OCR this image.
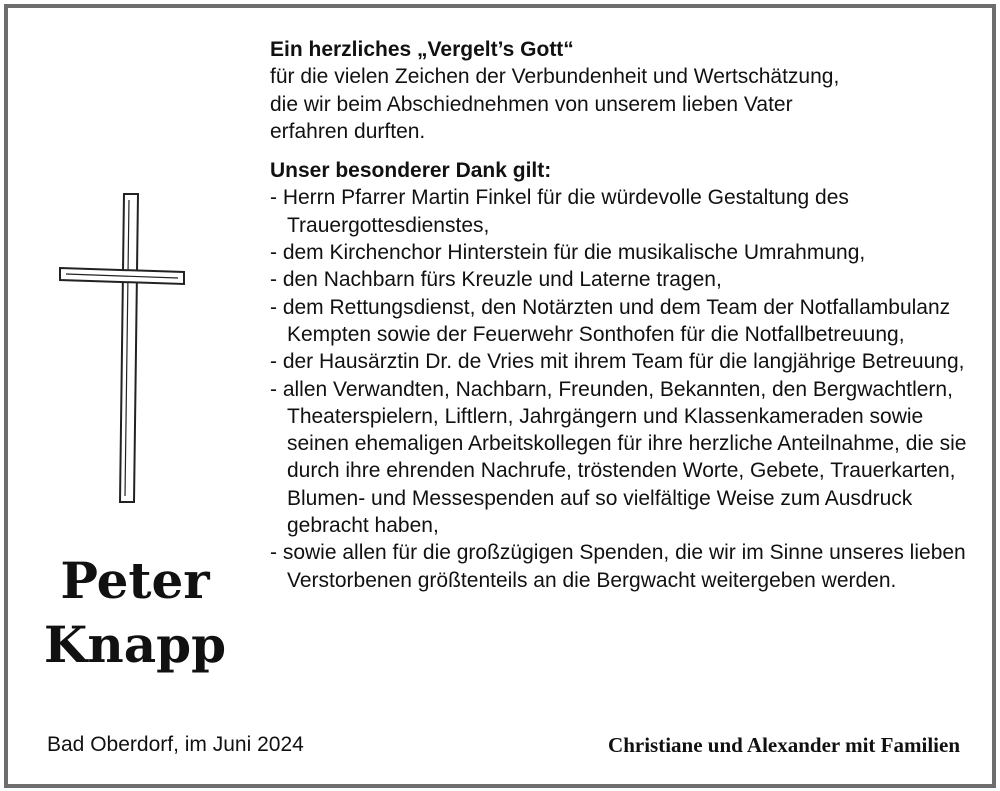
Peter
Knapp

Ein herzliches „Vergelt’s Gott“

für die vielen Zeichen der Verbundenheit und Wertschätzung,

die wir beim Abschiednehmen von unserem lieben Vater

erfahren durften.

Unser besonderer Dank gilt:

- Herrn Pfarrer Martin Finkel für die würdevolle Gestaltung des Trauergottesdienstes,
- dem Kirchenchor Hinterstein für die musikalische Umrahmung,
- den Nachbarn fürs Kreuzle und Laterne tragen,
- dem Rettungsdienst, den Notärzten und dem Team der Notfallambulanz Kempten sowie der Feuerwehr Sonthofen für die Notfallbetreuung,
- der Hausärztin Dr. de Vries mit ihrem Team für die langjährige Betreuung,
- allen Verwandten, Nachbarn, Freunden, Bekannten, den Bergwachtlern, Theaterspielern, Liftlern, Jahrgängern und Klassenkameraden sowie seinen ehemaligen Arbeitskollegen für ihre herzliche Anteilnahme, die sie durch ihre ehrenden Nachrufe, tröstenden Worte, Gebete, Trauerkarten, Blumen- und Messespenden auf so vielfältige Weise zum Ausdruck gebracht haben,
- sowie allen für die großzügigen Spenden, die wir im Sinne unseres lieben Verstorbenen größtenteils an die Bergwacht weitergeben werden.
Bad Oberdorf, im Juni 2024	Christiane und Alexander mit Familien
